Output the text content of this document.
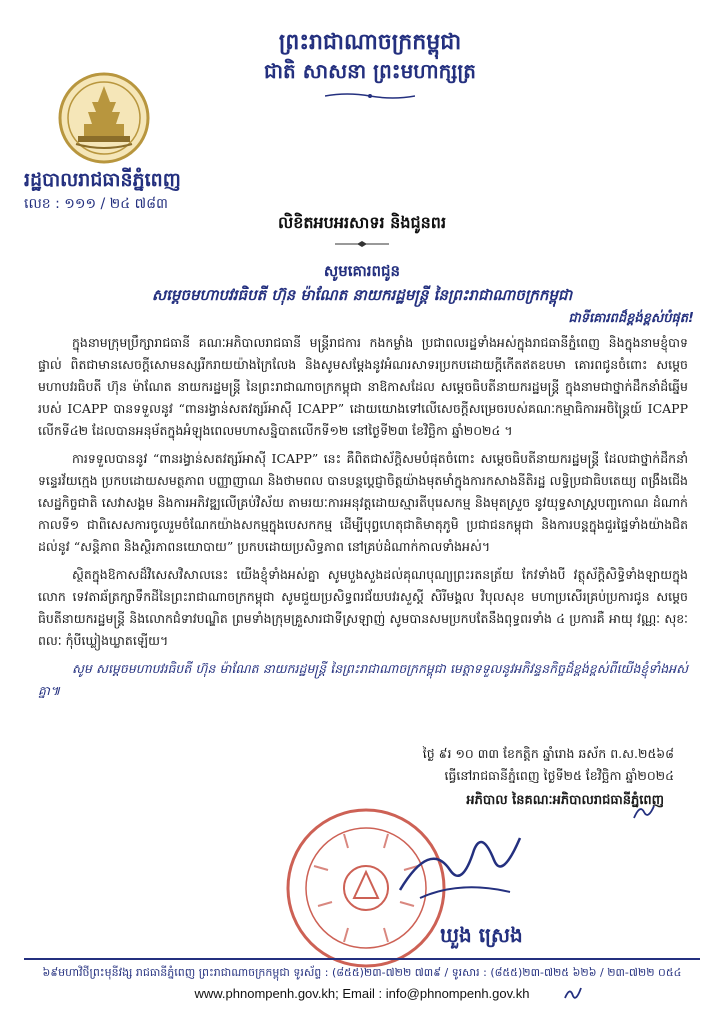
ព្រះរាជាណាចក្រកម្ពុជា
ជាតិ សាសនា ព្រះមហាក្សត្រ
រដ្ឋបាលរាជធានីភ្នំពេញ
លេខ : ១១១ / ២៤ ៧៨៣
លិខិតអបអរសាទរ និងជូនពរ
សូមគោរពជូន
សម្តេចមហាបវរធិបតី ហ៊ុន ម៉ាណែត នាយករដ្ឋមន្ត្រី នៃព្រះរាជាណាចក្រកម្ពុជា
ជាទីគោរពដ៏ខ្ពង់ខ្ពស់បំផុត!

ក្នុងនាមក្រុមប្រឹក្សារាជធានី គណៈអភិបាលរាជធានី មន្ត្រីរាជការ កងកម្លាំង ប្រជាពលរដ្ឋទាំងអស់ក្នុងរាជធានីភ្នំពេញ និងក្នុងនាមខ្ញុំបាទផ្ទាល់ ពិតជាមានសេចក្តីសោមនស្សរីករាយយ៉ាងក្រៃលែង និងសូមសម្តែងនូវអំណរសាទរប្រកបដោយក្តីកើតឥតឧបមា គោរពជូនចំពោះ សម្តេចមហាបវរធិបតី ហ៊ុន ម៉ាណែត នាយករដ្ឋមន្ត្រី នៃព្រះរាជាណាចក្រកម្ពុជា នាឱកាសដែល សម្តេចធិបតីនាយករដ្ឋមន្ត្រី ក្នុងនាមជាថ្នាក់ដឹកនាំដ៏ឆ្នើមរបស់ ICAPP បានទទួលនូវ “ពានរង្វាន់សតវត្សរ៍អាស៊ី ICAPP” ដោយយោងទៅលើសេចក្តីសម្រេចរបស់គណៈកម្មាធិការអចិន្ត្រៃយ៍ ICAPP លើកទី៤២ ដែលបានអនុម័តក្នុងអំឡុងពេលមហាសន្និបាតលើកទី១២ នៅថ្ងៃទី២៣ ខែវិច្ឆិកា ឆ្នាំ២០២៤ ។

ការទទួលបាននូវ “ពានរង្វាន់សតវត្សរ៍អាស៊ី ICAPP” នេះ គឺពិតជាស័ក្តិសមបំផុតចំពោះ សម្តេចធិបតីនាយករដ្ឋមន្ត្រី ដែលជាថ្នាក់ដឹកនាំទន្ទេរវ័យក្មេង ប្រកបដោយសមត្ថភាព បញ្ញាញាណ និងថាមពល បានបន្តប្តេជ្ញាចិត្តយ៉ាងមុតមាំក្នុងការកសាងនីតិរដ្ឋ លទ្ធិប្រជាធិបតេយ្យ ពង្រឹងជើងសេដ្ឋកិច្ចជាតិ សេវាសង្គម និងការអភិវឌ្ឍលើគ្រប់វិស័យ តាមរយៈការអនុវត្តដោយស្មារតីបុរេសកម្ម និងមុតស្រួច នូវយុទ្ធសាស្ត្របញ្ចកោណ ដំណាក់កាលទី១ ជាពិសេសការចូលរួមចំណែកយ៉ាងសកម្មក្នុងបេសកកម្ម ដើម្បីបុព្វហេតុជាតិមាតុភូមិ ប្រជាជនកម្ពុជា និងការបន្តក្នុងជួរផ្ទៃទាំងយ៉ាងជិតដល់នូវ “សន្តិភាព និងស្ថិរភាពនយោបាយ” ប្រកបដោយប្រសិទ្ធភាព នៅគ្រប់ដំណាក់កាលទាំងអស់។

ស្ថិតក្នុងឱកាសដ៏វិសេសវិសាលនេះ យើងខ្ញុំទាំងអស់គ្នា សូមបួងសួងដល់គុណបុណ្យព្រះរតនត្រ័យ កែវទាំងបី វត្ថុស័ក្តិសិទ្ធិទាំងឡាយក្នុងលោក ទេវតាឆ័ត្រក្សាទឹកដីនៃព្រះរាជាណាចក្រកម្ពុជា សូមជួយប្រសិទ្ធពរជ័យបវរសួស្តី សិរីមង្គល វិបុលសុខ មហាប្រសើរគ្រប់ប្រការជូន សម្តេចធិបតីនាយករដ្ឋមន្ត្រី និងលោកជំទាវបណ្ឌិត ព្រមទាំងក្រុមគ្រួសារជាទីស្រឡាញ់ សូមបានសមប្រកបតែនឹងពុទ្ធពរទាំង ៤ ប្រការគឺ អាយុ វណ្ណៈ សុខៈ ពលៈ កុំបីឃ្លៀងឃ្លាតឡើយ។

សូម សម្តេចមហាបវរធិបតី ហ៊ុន ម៉ាណែត នាយករដ្ឋមន្ត្រី នៃព្រះរាជាណាចក្រកម្ពុជា មេត្តាទទួលនូវអភិវន្ទនកិច្ចដ៏ខ្ពង់ខ្ពស់ពីយើងខ្ញុំទាំងអស់គ្នា៕

ថ្ងៃ ៩រ ១០ ៣៣ ខែកត្តិក ឆ្នាំរោង ឆស័ក ព.ស.២៥៦៨
ធ្វើនៅរាជធានីភ្នំពេញ ថ្ងៃទី២៥ ខែវិច្ឆិកា ឆ្នាំ២០២៤
អភិបាល នៃគណៈអភិបាលរាជធានីភ្នំពេញ
ឃួង ស្រេង
៦៩មហាវិថីព្រះមុនីវង្ស រាជធានីភ្នំពេញ ព្រះរាជាណាចក្រកម្ពុជា ទូរស័ព្ទ : (៨៥៥)២៣-៧២២ ៧៣៩ / ទូរសារ : (៨៥៥)២៣-៧២៥ ៦២៦ / ២៣-៧២២ ០៥៤
www.phnompenh.gov.kh; Email : info@phnompenh.gov.kh
